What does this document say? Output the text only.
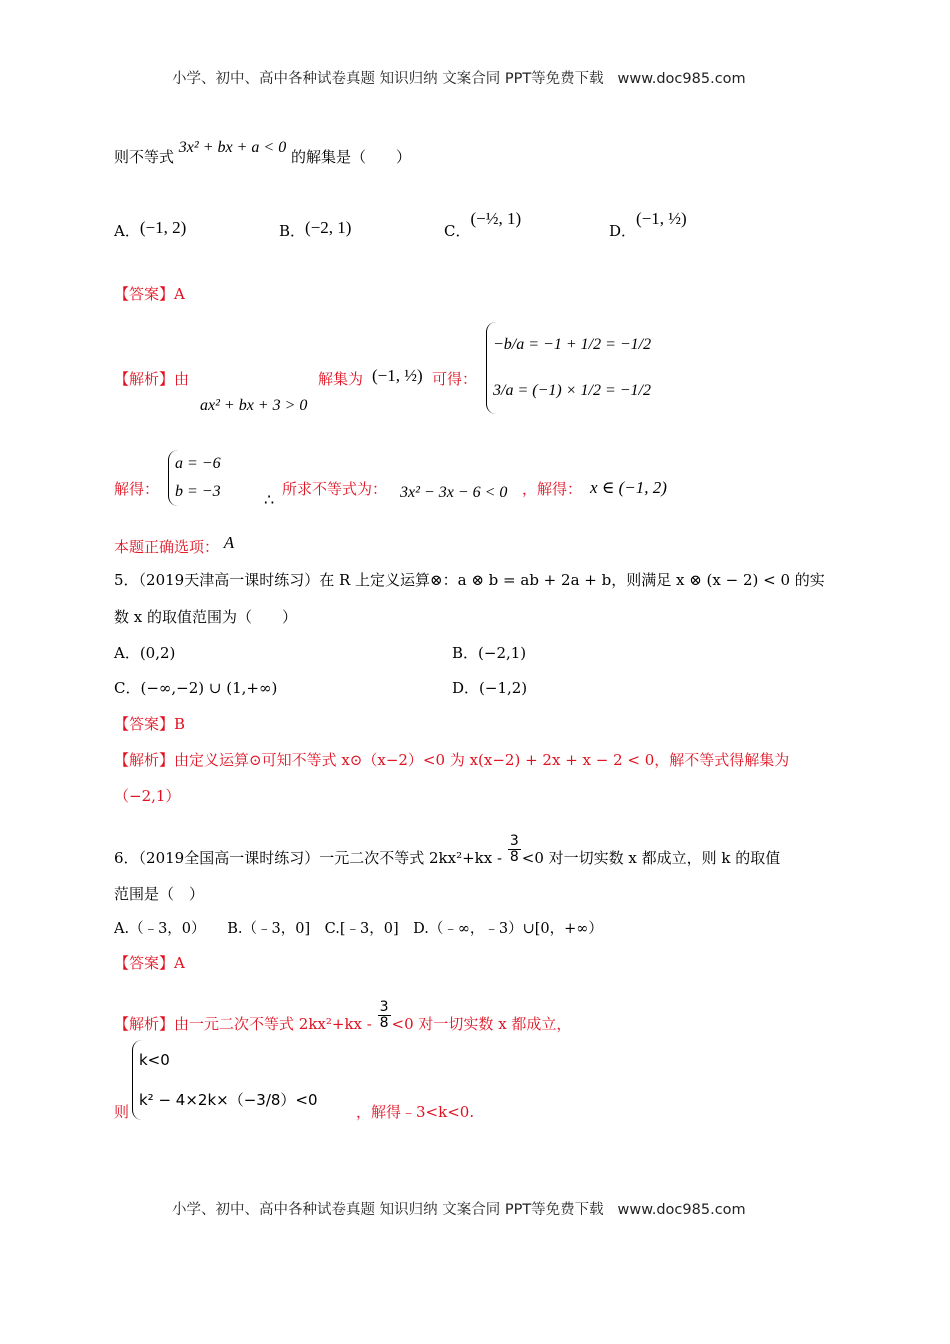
小学、初中、高中各种试卷真题 知识归纳 文案合同 PPT等免费下载 www.doc985.com
则不等式 3x² + bx + a < 0 的解集是（　　）
A．(−1, 2)	B．(−2, 1)	C．(−½, 1)
D．(−1, ½)
【答案】A
【解析】由
ax² + bx + 3 > 0
解集为 (−1, ½) 可得：
−b/a = −1 + 1/2 = −1/2
3/a = (−1) × 1/2 = −1/2
解得：
a = −6
b = −3
∴
所求不等式为： 3x² − 3x − 6 < 0 ，解得： x ∈ (−1, 2)
本题正确选项： A
5．（2019天津高一课时练习）在 R 上定义运算⊗：a ⊗ b = ab + 2a + b，则满足 x ⊗ (x − 2) < 0 的实
数 x 的取值范围为（　　）
A．(0,2)	B．(−2,1)
C．(−∞,−2) ∪ (1,+∞)	D．(−1,2)
【答案】B
【解析】由定义运算⊙可知不等式 x⊙（x−2）<0 为 x(x−2) + 2x + x − 2 < 0，解不等式得解集为
（−2,1）
6．（2019全国高一课时练习）一元二次不等式 $2kx^2+kx - \frac{3}{8} <0$ 对一切实数 x 都成立，则 k 的取值
范围是（　）
A.（﹣3，0）　　B.（﹣3，0]　C.[﹣3，0]　D.（﹣∞，﹣3）∪[0，+∞）
【答案】A
【解析】由一元二次不等式 $2kx^2+kx - \frac{3}{8} <0$ 对一切实数 x 都成立，
则
k<0
k² − 4×2k×（−3/8）<0
，解得﹣3<k<0.
小学、初中、高中各种试卷真题 知识归纳 文案合同 PPT等免费下载 www.doc985.com
